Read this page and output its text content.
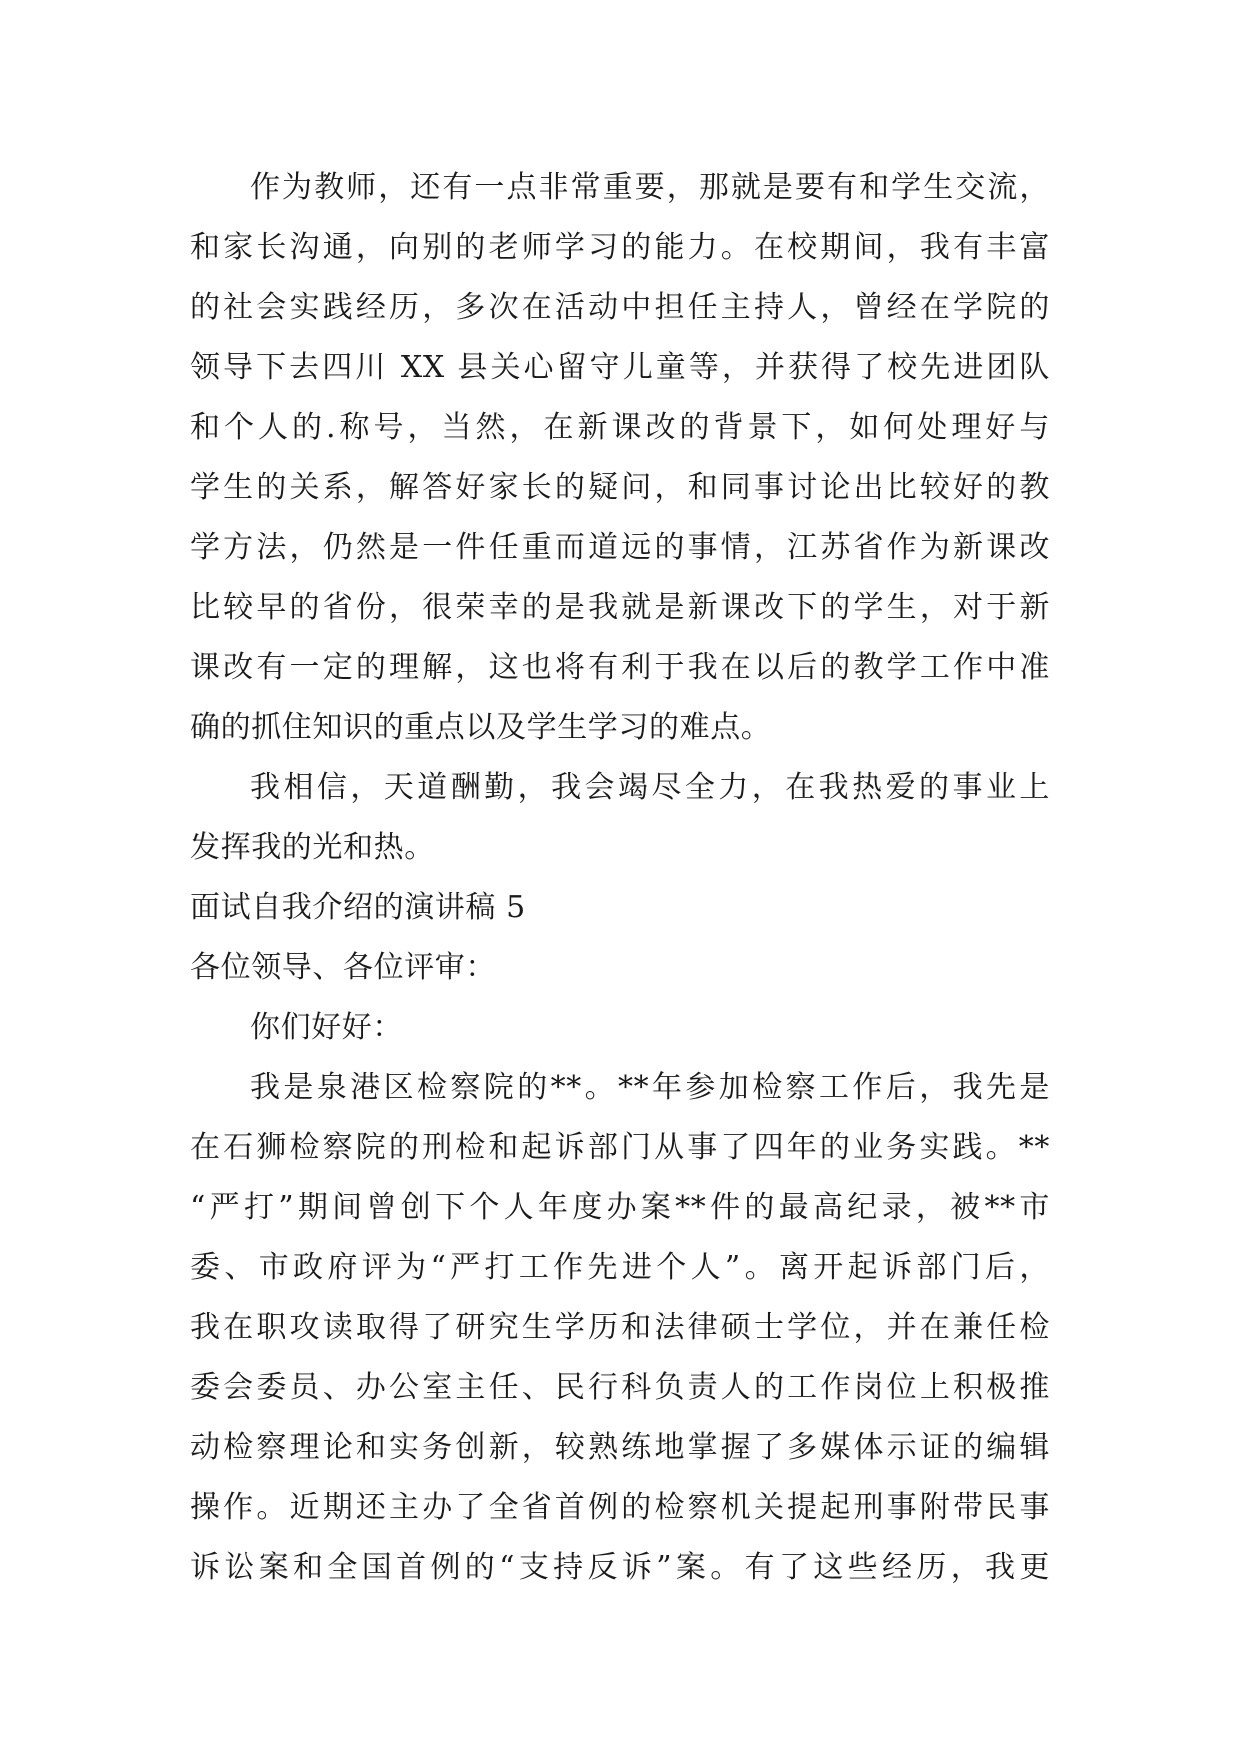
作为教师，还有一点非常重要，那就是要有和学生交流，
和家长沟通，向别的老师学习的能力。在校期间，我有丰富
的社会实践经历，多次在活动中担任主持人，曾经在学院的
领导下去四川 XX 县关心留守儿童等，并获得了校先进团队
和个人的.称号，当然，在新课改的背景下，如何处理好与
学生的关系，解答好家长的疑问，和同事讨论出比较好的教
学方法，仍然是一件任重而道远的事情，江苏省作为新课改
比较早的省份，很荣幸的是我就是新课改下的学生，对于新
课改有一定的理解，这也将有利于我在以后的教学工作中准
确的抓住知识的重点以及学生学习的难点。
我相信，天道酬勤，我会竭尽全力，在我热爱的事业上
发挥我的光和热。
面试自我介绍的演讲稿 5
各位领导、各位评审：
你们好好：
我是泉港区检察院的**。**年参加检察工作后，我先是
在石狮检察院的刑检和起诉部门从事了四年的业务实践。**
“严打”期间曾创下个人年度办案**件的最高纪录，被**市
委、市政府评为“严打工作先进个人”。离开起诉部门后，
我在职攻读取得了研究生学历和法律硕士学位，并在兼任检
委会委员、办公室主任、民行科负责人的工作岗位上积极推
动检察理论和实务创新，较熟练地掌握了多媒体示证的编辑
操作。近期还主办了全省首例的检察机关提起刑事附带民事
诉讼案和全国首例的“支持反诉”案。有了这些经历，我更
